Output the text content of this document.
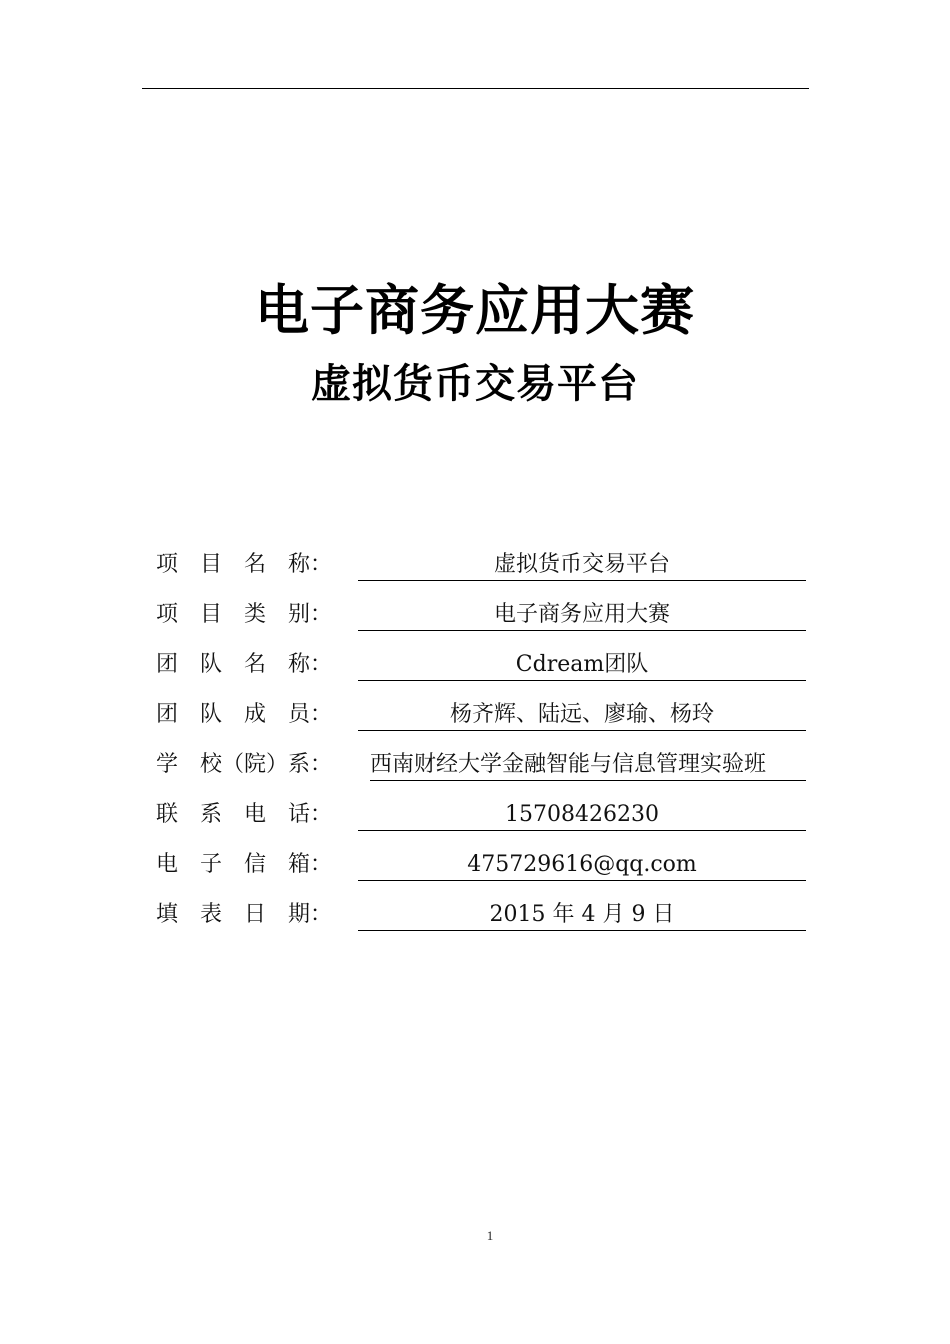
电子商务应用大赛
虚拟货币交易平台
项　目　名　称：	虚拟货币交易平台
项　目　类　别：	电子商务应用大赛
团　队　名　称：	Cdream团队
团　队　成　员：	杨齐辉、陆远、廖瑜、杨玲
学　校（院）系：	西南财经大学金融智能与信息管理实验班
联　系　电　话：	15708426230
电　子　信　箱：	475729616@qq.com
填　表　日　期：	2015 年 4 月 9 日
1
